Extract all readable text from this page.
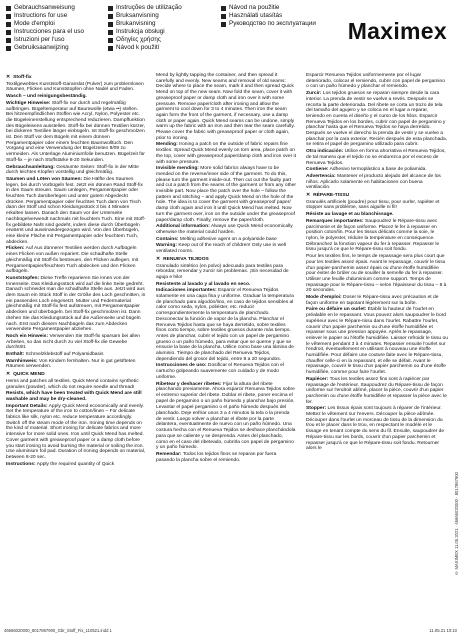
Gebrauchsanweisung
Instructions for use
Mode d'emploi
Instrucciones para el uso
Istruzioni per l'uso
Gebruiksaanwijzing
Instruções de utilização
Bruksanvisning
Brukanvisning
Instrukcja obsługi
Οδηγίες χρήσης
Návod k použití
Návod na použitie
Használati utasítás
Руководство по эксплуатации Maximex
✕ Stoff-fix

Textilgewebtes Kunststoff-Garanslat (Pulver) zum problemlosen Säumen, Flicken und Kunststopfen ohne Nadel und Faden.

Wasch – und reinigungsbeständig.

Wichtige Hinweise: Stoff-fix nur durch und regelmäßig aufbringen. Bügeltemperatur auf Baumwolle (etwa ••) stellen. Bei hitzeempfindlichen Stoffen wie Acryl, Nylon, Polyester etc. die Bügeleinenstellung entsprechend reduzieren. Dampffunktion des Bügeleisens ausstellen. Stoff-fix bei dünnen Textilien kürzer, bei dickeren Textilien länger einbügeln. Ist Stoff-fix geschmolzen ist. Den Stoff vor dem Bügeln mit einem dünnen Pergamentpapier oder einem feuchten Baumwolltuch. Den Vorgang und eine Verwendung der Bügelzeiten 8/09 zu vermeiden. Als Unterlage Aluminiumfolie benutzen. Bügelzeit für Stoff-fix – je nach Stoffstärke 8-20 Sekunden.

Gebrauchsanleitung: Gesäumte Seiten: Stoff-fix in der Mitte durch leichtes Klopfen vorstellig und gleichmäßig.

Säumen und Löten von Säumen: Die Hälfte des Saumes legen, bei durch Vorbügeln fest. Jetzt ein dünnen Rand Stoff-fix in den Saum streuen. Saum umlegen, Pergamentpapier oder feuchtes Tuch darüberlegen und unter gutem Abgedeckt drücken. Pergamentpapier oder feuchtes Tuch dann von Tisch dann der Stoff und schon Kleidungsstück 3 bis 4 Minuten erkalten lassen. Danach den Saum vor der Unterseite nachbügelverwendt nachmals mit feuchtem Tuch. Eine mit Stoff-fix gebildete Naht sind gedeht, indem diese durch Überbügeln erwärmt und auseinandergezogen wird. Von den Überbügeln, eine kleine Fläche mit Pergamentpapier oder feuchtem Tuch, abdecken.

Flicken: Auf Aus dünnerer Textilien werden durch Aufbügeln eines Flicken von außen repariert. Die schadhafte Stelle gleichmäßig mit Stoff-fix bestreuen, den Flicken auflegen, mit Pergamentpapier/feuchtem Tuch abdecken und den Flicken aufbügeln.

Kunststopfen: Diese Treffe reparieren Sie innen von der Innenseite. Das Kleidungsstück wird auf die linke Seite gedreht. Danach schneidet man die schadhafte Stelle aus. Jetzt wird aus dem Saum ein Stück Stoff in der Größe des Loch geschnitten, in ein passendes Loch eingesetzt. Mutter und Federmaterial gleichmäßig mit Stoff-fix fest aufstreuen, mit Pergamentpapier abdecken und überbügeln. bei Stoff-fix geschmolzen ist. Dann drehen Sie das Kleidungsstück auf die Außenseite und bügeln nach. Erst nach diesem Nachbügeln das zum Abdecken verwendete Pergamentpapier abziehen.

Noch ein Hinweis: Verwenden Sie Stoff-fix sparsam bei allen Arbeiten, so das nicht durch zu viel Stoff-fix die Gewebe durchtritt.

Enthält: Schmelzklebstoff auf Polyamidbasis

Warnhinweis: Von Kindern fernhalten. Nur in gut gelüfteten Räumen verwenden.

✕ QUICK MEND

Hems and patches all textiles. Quick Mend contains synthetic granules (powder), which do not require needle and thread!

Resists, which have been treated with Quick Mend are still washable and may be dry-cleaned.

Important Details: Apply Quick Mend economically and evenly. Set the temperature of the iron to cotton/linen – For delicate fabrics like silk, nylon etc. reduce temperature accordingly. Switch off the steam mode of the iron. Ironing time depends on the kind of material. Short ironing for delicate fabrics and more intensive for more solid ones. Iron until Quick Mend has melted. Cover garment with greaseproof paper or a damp cloth before you start ironing to avoid burning the material or soiling the iron. Use aluminium foil pad. Duration of ironing depends on material, between 8-20 sec.

Instructions: Apply the required quantity of Quick

Mend by lightly tapping the container, and then spread it carefully and evenly. New seams and removal of old seams: Decide where to place the seam, mark it and then spread Quick Mend on top of the new seam. Now fold the seam, cover it with greaseproof paper or damp cloth and iron over it with some pressure. Remove paper/cloth after ironing and allow the garment to cool down for 3 to 4 minutes. Then iron the seam again form the front of the garment, if necessary, use a damp cloth or paper again. Quick Mend seams can be undone, simply warm up the fabric with an iron and then tear the seam carefully. Please cover the fabric with greaseproof paper or cloth again, prior to ironing.

Mending: Ironing a patch on the outside of fabric repairs fine textiles. Spread Quick Mend evenly on torn area, place patch on the top, cover with greaseproof paper/damp cloth and iron over it with some pressure.

Invisible mending: More solid fabrics always have to be mended on the reverse/inner side of the garment. To do this, please turn the garment inside-out. Then cut out the faulty part and cut a patch from the seams of the garment or from any other invisible part. Now place the patch over the hole – follow the pattern and stitching – and apply Quick Mend on the hole of the hole. The idea is to cover the garment with greaseproof paper/ damp cloth again and iron it until Quick Mend has melted. Now turn the garment over, iron on the outside under the greaseproof paper/damp cloth. Finally, remove the paper/cloth.

Additional information: Always use Quick Mend economically otherwise the material could harden.

Contains: Melting adhesive agent on a polyamide base

Warning: Keep out of the reach of children! Only use in well ventilated rooms.

✕ RENUEVA TEJIDOS

Granulado sintético (en polvo) adecuado para textiles para rebordar, remendar y zurcir sin problemas. ¡Sin necesidad de aguja e hilo!

Resistente al lavado y al lavado en seco.

Indicaciones importantes: Esparcir el Renueva Tejidos solamente en una capa fina y uniforme. Graduar la temperatura de planchado para algodón/lino, en caso de tejidos sensibles al calor como seda, nylon, poliéster, etc. reducir correspondientemente la temperatura de planchado. Desconectar la función de vapor de la plancha. Planchar el Renueva Tejidos hasta que se haya derretido, sobre textiles finos corto tiempo, sobre textiles gruesos durante más tiempo. Antes de planchar, cubrir el tejido con un papel de pergamino grueso o un paño húmedo, para evitar que se queme y que se ensucie la base de la plancha. Utilice como base una lámina de aluminio. Tiempo de planchado del Renueva Tejidos, dependiendo del grosor del tejido, entre 8 a 20 segundos.

Instrucciones de uso: Dosificar el Renueva Tejidos con el cartucho golpeando suavemente con cuidado y de modo uniforme.

Ribetear y deshacer ribetes: Fijar la altura del ribete planchando previamente. Ahora esparcir Renueva Tejidos sobre el extremo superior del ribete. Doblar el ribete, poner encima el papel de pergamino o un paño húmedo y planchar bajo presión.

Levantar el papel pergamino o el paño húmedo después del planchado. Deje enfriar unos 3 a 4 minutos la tela o la prenda de vestir. Luego volver a planchar el ribete por la parte delantera, eventualmente de nuevo con un paño húmedo. Una costura hecha con el Renueva Tejidos se deshace planchándola para que se caliente y se desprenda. Antes del planchado, como en el caso del ribeteado, cubrirla con papel de pergamino y un paño húmedo.

Remendar: Todos los tejidos finos se reparan por fuera pasando la plancha sobre el remiendo.

Esparcir Renueva Tejidos uniformemente por el lugar deteriorado, colocar el remiendo, cubrir con papel de pergamino o con un paño húmedo y planchar el remiendo.

Zurcir: Los tejidos gruesos se reparan siempre desde la cara interior. La prenda de vestir se vuelve a revés. Después se recorta la parte deteriorada. Del ribete se corta un trozo de tela del tamaño del agujero y se coloca en el lugar a reparar, teniendo en cuenta el diseño y el curso de los hilos. Esparcir Renueva Tejidos en los bordes, cubrir con papel de pergamino y planchar hasta que el Renueva Tejidos se haya derretido. Después se vuelve el derecho la prenda de vestir y se vuelve a planchar por la cara exterior. Recién después de esta planchada, se retira el papel de pergamino utilizado para cubrir.

Otra indicación: Utilice en forma ahorrativa el Renueva Tejidos, de tal manera que el tejido no se endurezca por el exceso de Renueva Tejidos.

Contiene: Adhesivo termoplástico a base de poliamida.

Advertencia: Mantener el producto alejado del alcance de los niños. Aplicarlo solamente en habitaciones con buena ventilación.

✕ RÉPARE-TISSU

Granulés artificiels (poudre) pour tissu, pour ourler, rapiéter et stopper sans problème, sans aiguille ni fil!

Résiste au lavage et au blanchissage.

Remarques importantes: Saupoudrez le Répare-tissu avec parcimonie et de façon uniforme. Placez le fer à repasser en position coton/lin. Pour les tissus délicats comme la soie, le nylon, le polyester, réduire la température en conséquence. Débranchez la fonction vapeur du fer à repasser. Repasser le tissu jusqu'à ce que le Répare-tissu soit fondu.

Pour les textiles fins, le temps de repassage sera plus court que pour les textiles assez épais. Avant le repassage, couvrir le tissu d'un papier-parchemin assez épais ou d'une étoffe humidifiée pour éviter de brûler ou de souiller la semelle du fer à repasser. Utiliser une feuille d'aluminium comme support. Temps de repassage pour le Répare-tissu – selon l'épaisseur du tissu – 8 à 20 secondes.

Mode d'emploi: Doser le Répare-tissu avec précaution et de façon uniforme en tapotant légèrement sur la boîte.

Faire ou défaire un ourlet: Établir la hauteur de l'ourlet en préalable en le repassant. Vous pouvez alors saupoudrer le bord supérieur avec le Répare-tissu dans l'ourlet. Rabattre l'ourlet, couvrir d'un papier parchemin ou d'une étoffe humidifiée et repasser sous une pression appuyée. Après le repassage, enlever le papier ou l'étoffe humidifiée. Laisser refroidir le tissu ou le vêtement pendant 3 à 4 minutes. Repasser ensuite l'ourlet sur l'endroit, éventuellement en utilisant à nouveau une étoffe humidifiée. Pour défaire une couture faite avec le Répare-tissu, chauffer celle-ci en la repassant, et elle se défait. Avant le repassage, couvrir le tissu d'un papier parchemin ou d'une étoffe humidifiée, comme pour faire l'ourlet.

Rapiécer: Tous les textiles assez fins sont à rapiécer par repassage de l'extérieur. Saupoudrez du Répare-tissu de façon uniforme sur l'endroit abîmé, placer la pièce, couvrir d'un papier parchemin ou d'une étoffe humidifiée et repasser la pièce avec le fer.

Stopper: Les tissus épais sont toujours à réparer de l'intérieur. Mettez le vêtement sur l'envers. Découper la pièce abîmée. Découper dans l'ourlet un morceau de tissu de la dimension du trou et le placer dans le trou, en respectant le modèle et le tissage en tenant compte du sens du fil. Ensuite, saupoudrer de Répare-tissu sur les bords, couvrir d'un papier parchemin et repasser jusqu'à ce que le Répare-tissu soit fondu. Retourner alors le

© MAXIMEX 11.05.2021 · 46666020000 · 8017867900
46666020000_8017867900_Gbr_Stoff_Fix_110521.indd 1	11.05.21 10:10
